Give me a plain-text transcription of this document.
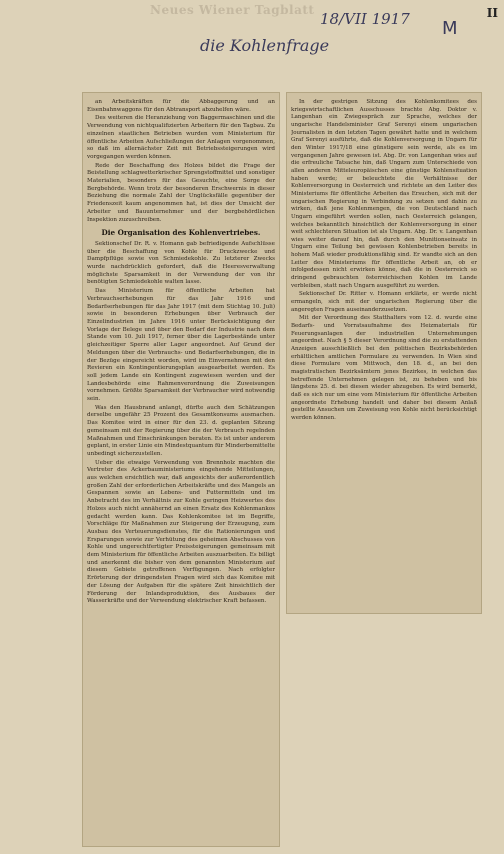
Neues Wiener Tagblatt 18/VII 1917
die Kohlenfrage
II
M

an Arbeitskräften für die Abbaggerung und an Eisenbahnwaggons für den Abtransport abzuhelfen wäre.

Des weiteren die Heranziehung von Baggermaschinen und die Verwendung von nichtqualifizierten Arbeitern für den Tagbau. Zu einzelnen staatlichen Betrieben wurden vom Ministerium für öffentliche Arbeiten Aufschließungen der Anlagen vorgenommen, so daß im allernächster Zeit mit Betriebssteigerungen wird vorgegangen werden können.

Rede der Beschaffung des Holzes bildet die Frage der Beistellung schlagwetterkrischer Sprengstoffmittel und sonstiger Materialien, besonders für das Gesuchte, eine Sorge der Bergbehörde. Wenn trotz der besonderen Erschwernis in dieser Beziehung die normale Zahl der Unglücksfälle gegenüber der Friedenszeit kaum angenommen hat, ist dies der Umsicht der Arbeiter und Bauunternehmer und der bergbehördlichen Inspektion zuzuschreiben.

Die Organisation des Kohlenvertriebes.

Sektionschef Dr. R. v. Homann gab befriedigende Aufschlüsse über die Beschaffung von Kohle für Druckzwecke und Dampfpflüge sowie von Schmiedekohle. Zu letzterer Zwecks wurde nachdrücklich gefordert, daß die Heeresverwaltung möglichste Sparsamkeit in der Verwendung der von ihr benötigten Schmiedekohle walten lasse.

Das Ministerium für öffentliche Arbeiten hat Verbrauchserhebungen für das Jahr 1916 und Bedarfserhebungen für das Jahr 1917 (mit dem Stichtag 10. Juli) sowie in besonderen Erhebungen über Verbrauch der Einzelindustrien im Jahre 1916 unter Berücksichtigung der Vorlage der Belege und über den Bedarf der Industrie nach dem Stande vom 10. Juli 1917, ferner über die Lagerbestände unter gleichzeitiger Sperre aller Lager angeordnet. Auf Grund der Meldungen über die Verbrauchs- und Bedarfserhebungen, die in der Bezüge eingereicht worden, wird im Einvernehmen mit den Revieren ein Kontingentierungsplan ausgearbeitet werden. Es soll jedem Lande ein Kontingent zugewiesen werden und der Landesbehörde eine Rahmenverordnung die Zuweisungen vornehmen. Größte Sparsamkeit der Verbraucher wird notwendig sein.

Was den Hausbrand anlangt, dürfte auch den Schätzungen derselbe ungefähr 25 Prozent des Gesamtkonsums ausmachen. Das Komitee wird in einer für den 23. d. geplanten Sitzung gemeinsam mit der Regierung über die der Verbrauch regelnden Maßnahmen und Einschränkungen beraten. Es ist unter anderem geplant, in erster Linie ein Mindestquantum für Minderbemittelte unbedingt sicherzustellen.

Ueber die etwaige Verwendung von Brennholz machten die Vertreter des Ackerbauministeriums eingehende Mitteilungen, aus welchen ersichtlich war, daß angesichts der außerordentlich großen Zahl der erforderlichen Arbeitskräfte und des Mangels an Gespannen sowie an Lebens- und Futtermitteln und im Anbetracht des im Verhältnis zur Kohle geringen Heizwertes des Holzes auch nicht annähernd an einen Ersatz des Kohlenmankos gedacht werden kann. Das Kohlenkomitee ist im Begriffe, Vorschläge für Maßnahmen zur Steigerung der Erzeugung, zum Ausbau des Verteuerungsdienstes, für die Rationierungen und Ersparungen sowie zur Verhütung des geheimen Abschusses von Kohle und ungerechtfertigter Preissteigerungen gemeinsam mit dem Ministerium für öffentliche Arbeiten auszuarbeiten. Es billigt und anerkennt die bisher von dem genannten Ministerium auf diesem Gebiete getroffenen Verfügungen. Nach erfolgter Erörterung der dringendsten Fragen wird sich das Komitee mit der Lösung der Aufgaben für die spätere Zeit hinsichtlich der Förderung der Inlandsproduktion, des Ausbaues der Wasserkräfte und der Verwendung elektrischer Kraft befassen.

In der gestrigen Sitzung des Kohlenkomitees des kriegswirtschaftlichen Ausschusses brachte Abg. Doktor v. Langenhan ein Zwiegespräch zur Sprache, welches der ungarische Handelsminister Graf Serenyi einem ungarischen Journalisten in den letzten Tagen gewährt hatte und in welchem Graf Serenyi ausführte, daß die Kohlenversorgung in Ungarn für den Winter 1917/18 eine günstigere sein werde, als es im vergangenen Jahre gewesen ist. Abg. Dr. von Langenhan wies auf die erfreuliche Tatsache hin, daß Ungarn zum Unterschiede von allen anderen Mitteleuropäischen eine günstige Kohlensituation haben werde; er beleuchtete die Verhältnisse der Kohlenversorgung in Oesterreich und richtete an den Leiter des Ministeriums für öffentliche Arbeiten das Ersuchen, sich mit der ungarischen Regierung in Verbindung zu setzen und dahin zu wirken, daß jene Kohlenmengen, die von Deutschland nach Ungarn eingeführt werden sollen, nach Oesterreich gelangen, welches bekanntlich hinsichtlich der Kohlenversorgung in einer weit schlechteren Situation ist als Ungarn. Abg. Dr. v. Langenhan wies weiter darauf hin, daß durch den Munitionseinsatz in Ungarn eine Teilung bei gewissen Kohlenbetrieben bereits in hohem Maß wieder produktionsfähig sind. Er wandte sich an den Leiter des Ministeriums für öffentliche Arbeit an, ob er infolgedessen nicht erwirken könne, daß die in Oesterreich so dringend gebrauchten österreichischen Kohlen im Lande verbleiben, statt nach Ungarn ausgeführt zu werden.

Sektionschef Dr. Ritter v. Homann erklärte, er werde nicht ermangeln, sich mit der ungarischen Regierung über die angeregten Fragen auseinanderzusetzen.

Mit der Verordnung des Statthalters vom 12. d. wurde eine Bedarfs- und Vorratsaufnahme des Heizmaterials für Feuerungsanlagen der industriellen Unternehmungen angeordnet. Nach § 5 dieser Verordnung sind die zu erstattenden Anzeigen ausschließlich bei den politischen Bezirksbehörden erhältlichen amtlichen Formulare zu verwenden. In Wien sind diese Formulare vom Mittwoch, den 18. d., an bei den magistratischen Bezirksämtern jenes Bezirkes, in welchen das betreffende Unternehmen gelegen ist, zu beheben und bis längstens 25. d. bei diesen wieder abzugeben. Es wird bemerkt, daß es sich nur um eine vom Ministerium für öffentliche Arbeiten angeordnete Erhebung handelt und daher bei diesem Anlaß gestellte Ansuchen um Zuweisung von Kohle nicht berücksichtigt werden können.
